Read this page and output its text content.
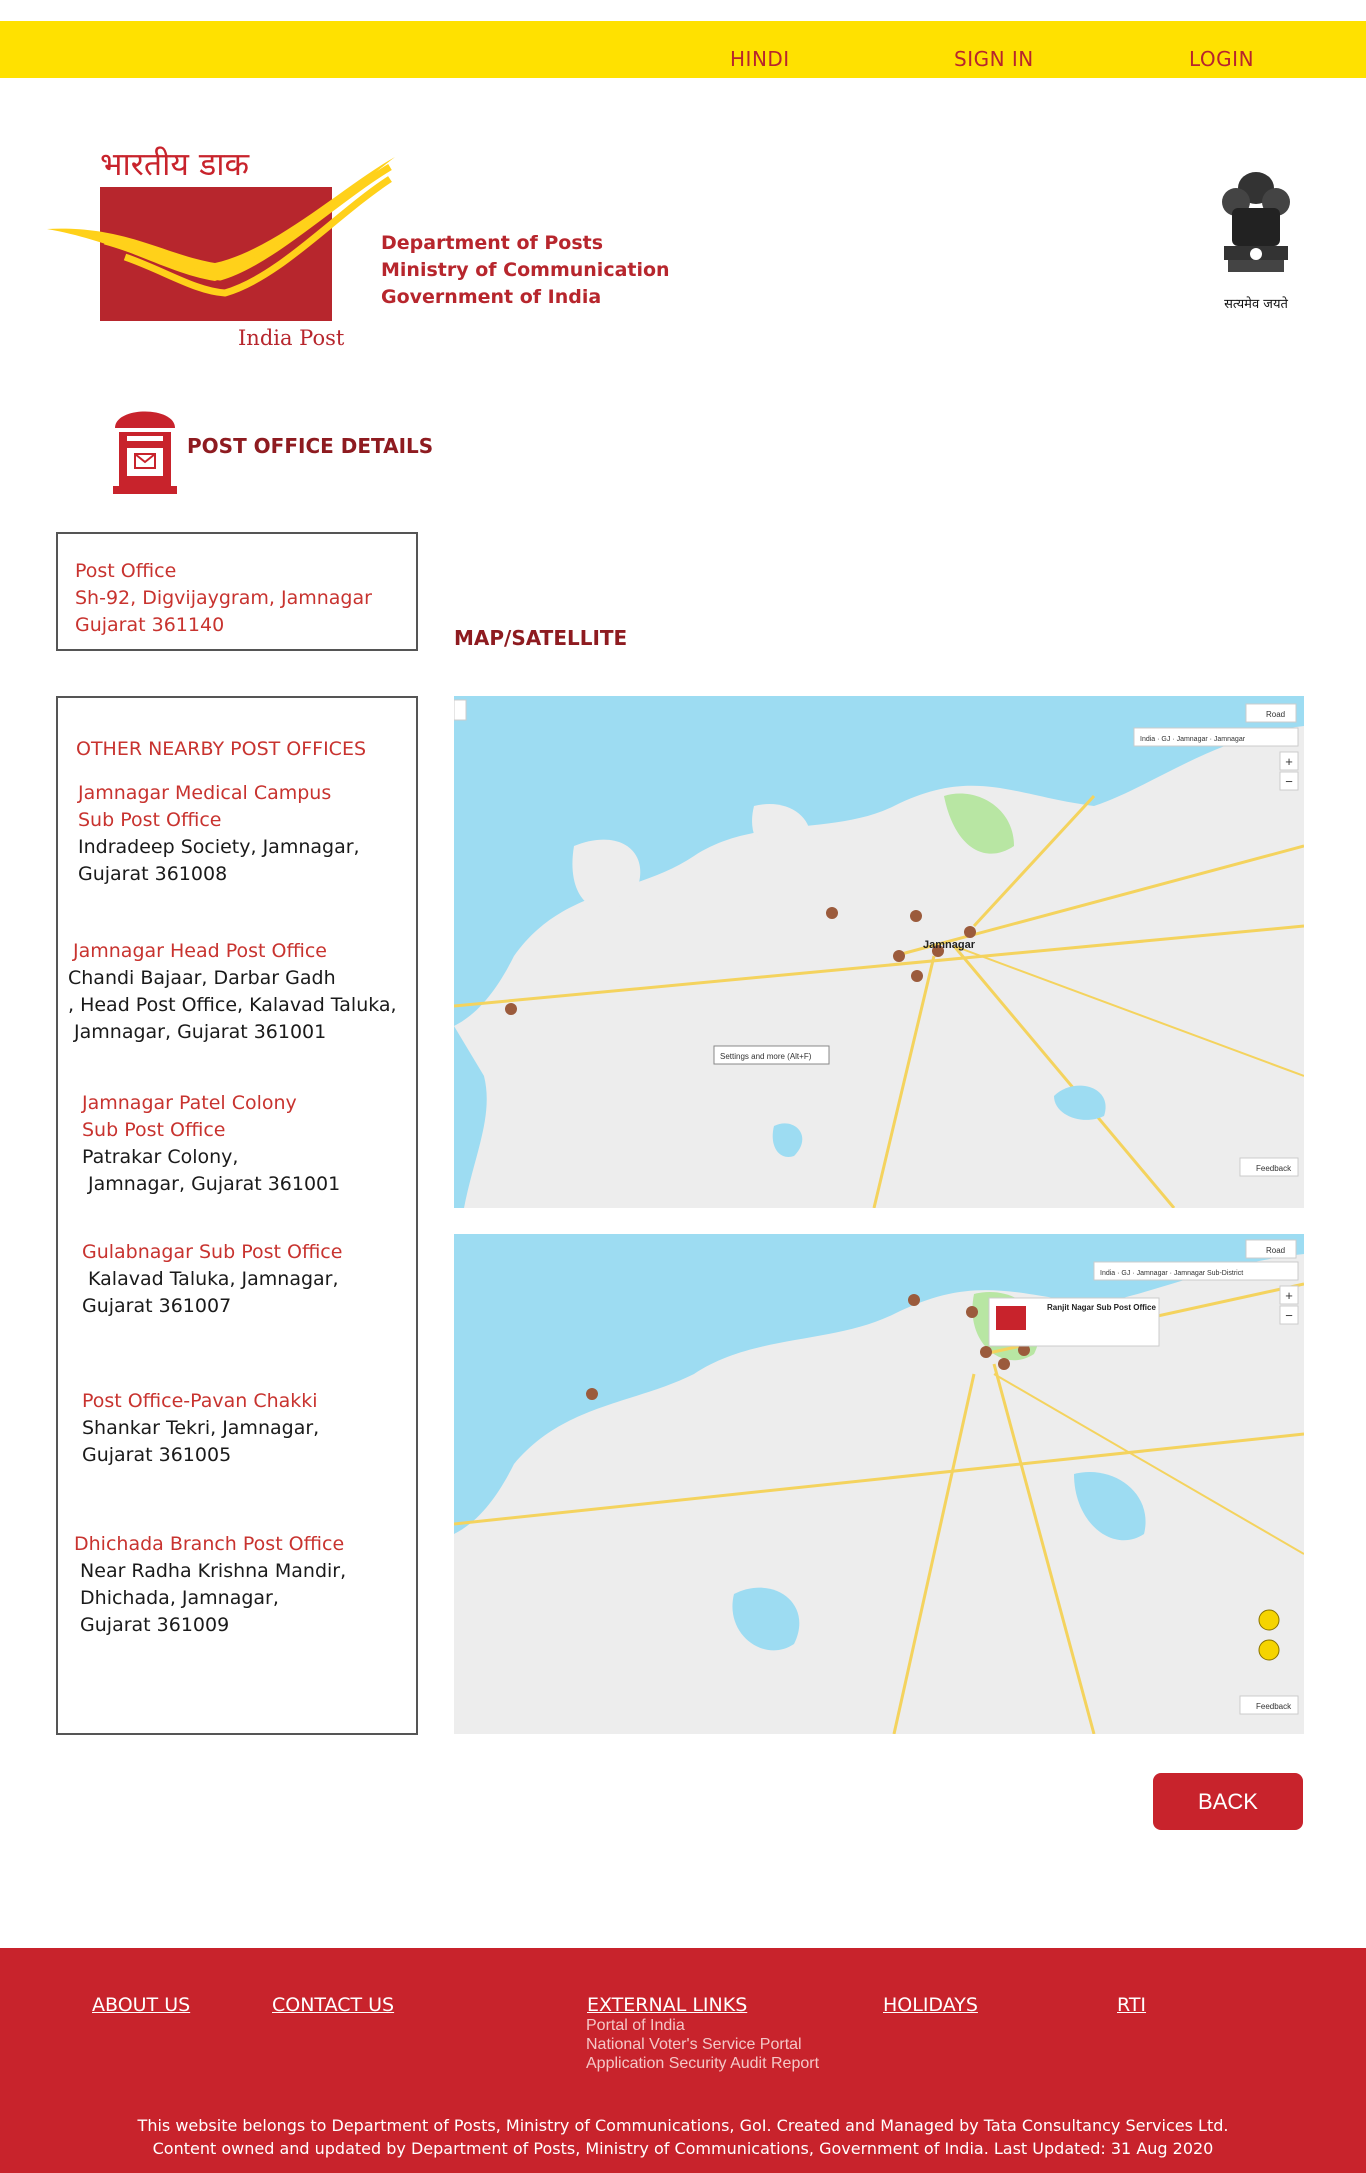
HINDI	SIGN IN	LOGIN
भारतीय डाक
India Post
Department of Posts
Ministry of Communication
Government of India	सत्यमेव जयते
POST OFFICE DETAILS
Post Office
Sh-92, Digvijaygram, Jamnagar
Gujarat 361140
OTHER NEARBY POST OFFICES
Jamnagar Medical Campus
Sub Post Office
Indradeep Society, Jamnagar,
Gujarat 361008
Jamnagar Head Post Office
Chandi Bajaar, Darbar Gadh
, Head Post Office, Kalavad Taluka,
Jamnagar, Gujarat 361001
Jamnagar Patel Colony
Sub Post Office
Patrakar Colony,
Jamnagar, Gujarat 361001
Gulabnagar Sub Post Office
Kalavad Taluka, Jamnagar,
Gujarat 361007
Post Office-Pavan Chakki
Shankar Tekri, Jamnagar,
Gujarat 361005
Dhichada Branch Post Office
Near Radha Krishna Mandir,
Dhichada, Jamnagar,
Gujarat 361009
MAP/SATELLITE
Jamnagar
Settings and more (Alt+F)
Road
India · GJ · Jamnagar · Jamnagar
+
−
Feedback
Ranjit Nagar Sub Post Office
Road
India · GJ · Jamnagar · Jamnagar Sub-District
+
−
Feedback
BACK
ABOUT US	CONTACT US	EXTERNAL LINKS
Portal of India
National Voter's Service Portal
Application Security Audit Report
HOLIDAYS	RTI
This website belongs to Department of Posts, Ministry of Communications, GoI. Created and Managed by Tata Consultancy Services Ltd.
Content owned and updated by Department of Posts, Ministry of Communications, Government of India. Last Updated: 31 Aug 2020
